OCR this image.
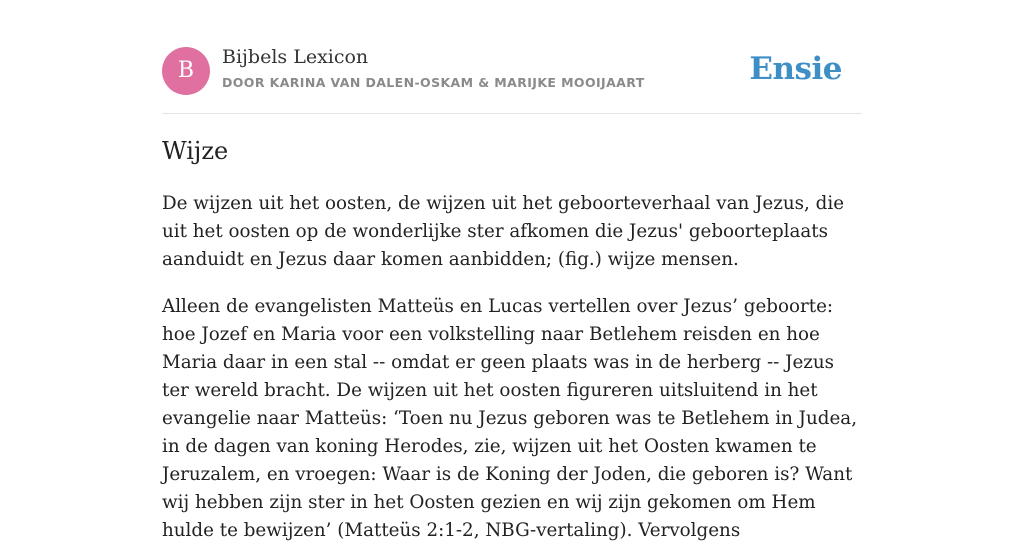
B
Bijbels Lexicon
DOOR KARINA VAN DALEN-OSKAM & MARIJKE MOOIJAART	Ensie
Wijze

De wijzen uit het oosten, de wijzen uit het geboorteverhaal van Jezus, die uit het oosten op de wonderlijke ster afkomen die Jezus' geboorteplaats aanduidt en Jezus daar komen aanbidden; (fig.) wijze mensen.

Alleen de evangelisten Matteüs en Lucas vertellen over Jezus’ geboorte: hoe Jozef en Maria voor een volkstelling naar Betlehem reisden en hoe Maria daar in een stal -- omdat er geen plaats was in de herberg -- Jezus ter wereld bracht. De wijzen uit het oosten figureren uitsluitend in het evangelie naar Matteüs: ‘Toen nu Jezus geboren was te Betlehem in Judea, in de dagen van koning Herodes, zie, wijzen uit het Oosten kwamen te Jeruzalem, en vroegen: Waar is de Koning der Joden, die geboren is? Want wij hebben zijn ster in het Oosten gezien en wij zijn gekomen om Hem hulde te bewijzen’ (Matteüs 2:1-2, NBG-vertaling). Vervolgens
